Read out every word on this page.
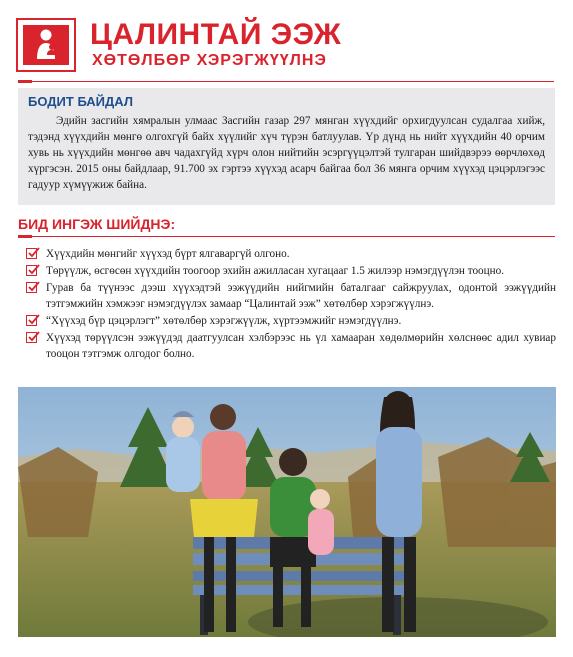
ЦАЛИНТАЙ ЭЭЖ
ХӨТӨЛБӨР ХЭРЭГЖҮҮЛНЭ
БОДИТ БАЙДАЛ

Эдийн засгийн хямралын улмаас Засгийн газар 297 мянган хүүхдийг орхигдуулсан судалгаа хийж, тэдэнд хүүхдийн мөнгө олгохгүй байх хүүлийг хүч түрэн батлуулав. Үр дүнд нь нийт хүүхдийн 40 орчим хувь нь хүүхдийн мөнгөө авч чадахгүйд хүрч олон нийтийн эсэргүүцэлтэй тулгаран шийдвэрээ өөрчлөхөд хүргэсэн. 2015 оны байдлаар, 91.700 эх гэртээ хүүхэд асарч байгаа бол 36 мянга орчим хүүхэд цэцэрлэгээс гадуур хүмүүжиж байна.

БИД ИНГЭЖ ШИЙДНЭ:
Хүүхдийн мөнгийг хүүхэд бүрт ялгаваргүй олгоно.
Төрүүлж, өсгөсөн хүүхдийн тоогоор эхийн ажилласан хугацааг 1.5 жилээр нэмэгдүүлэн тооцно.
Гурав ба түүнээс дээш хүүхэдтэй ээжүүдийн нийгмийн баталгааг сайжруулах, одонтой ээжүүдийн тэтгэмжийн хэмжээг нэмэгдүүлэх замаар “Цалинтай ээж” хөтөлбөр хэрэгжүүлнэ.
“Хүүхэд бүр цэцэрлэгт” хөтөлбөр хэрэгжүүлж, хүртээмжийг нэмэгдүүлнэ.
Хүүхэд төрүүлсэн ээжүүдэд даатгуулсан хэлбэрээс нь үл хамааран хөдөлмөрийн хөлснөөс адил хувиар тооцон тэтгэмж олгодог болно.
